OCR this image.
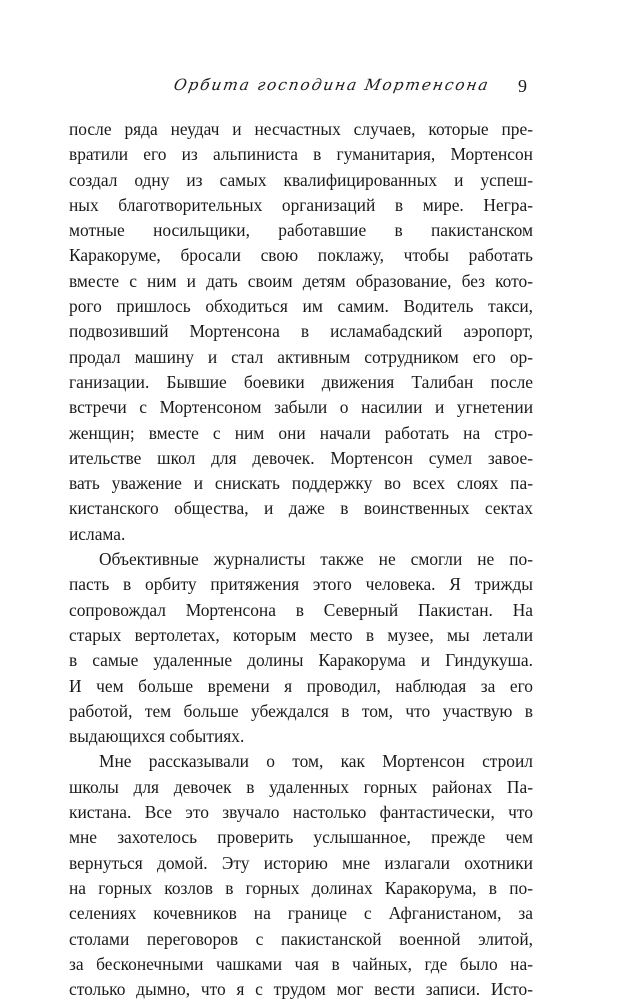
Орбита господина Мортенсона	9
после ряда неудач и несчастных случаев, которые пре-
вратили его из альпиниста в гуманитария, Мортенсон
создал одну из самых квалифицированных и успеш-
ных благотворительных организаций в мире. Негра-
мотные носильщики, работавшие в пакистанском
Каракоруме, бросали свою поклажу, чтобы работать
вместе с ним и дать своим детям образование, без кото-
рого пришлось обходиться им самим. Водитель такси,
подвозивший Мортенсона в исламабадский аэропорт,
продал машину и стал активным сотрудником его ор-
ганизации. Бывшие боевики движения Талибан после
встречи с Мортенсоном забыли о насилии и угнетении
женщин; вместе с ним они начали работать на стро-
ительстве школ для девочек. Мортенсон сумел завое-
вать уважение и снискать поддержку во всех слоях па-
кистанского общества, и даже в воинственных сектах
ислама.
Объективные журналисты также не смогли не по-
пасть в орбиту притяжения этого человека. Я трижды
сопровождал Мортенсона в Северный Пакистан. На
старых вертолетах, которым место в музее, мы летали
в самые удаленные долины Каракорума и Гиндукуша.
И чем больше времени я проводил, наблюдая за его
работой, тем больше убеждался в том, что участвую в
выдающихся событиях.
Мне рассказывали о том, как Мортенсон строил
школы для девочек в удаленных горных районах Па-
кистана. Все это звучало настолько фантастически, что
мне захотелось проверить услышанное, прежде чем
вернуться домой. Эту историю мне излагали охотники
на горных козлов в горных долинах Каракорума, в по-
селениях кочевников на границе с Афганистаном, за
столами переговоров с пакистанской военной элитой,
за бесконечными чашками чая в чайных, где было на-
столько дымно, что я с трудом мог вести записи. Исто-
